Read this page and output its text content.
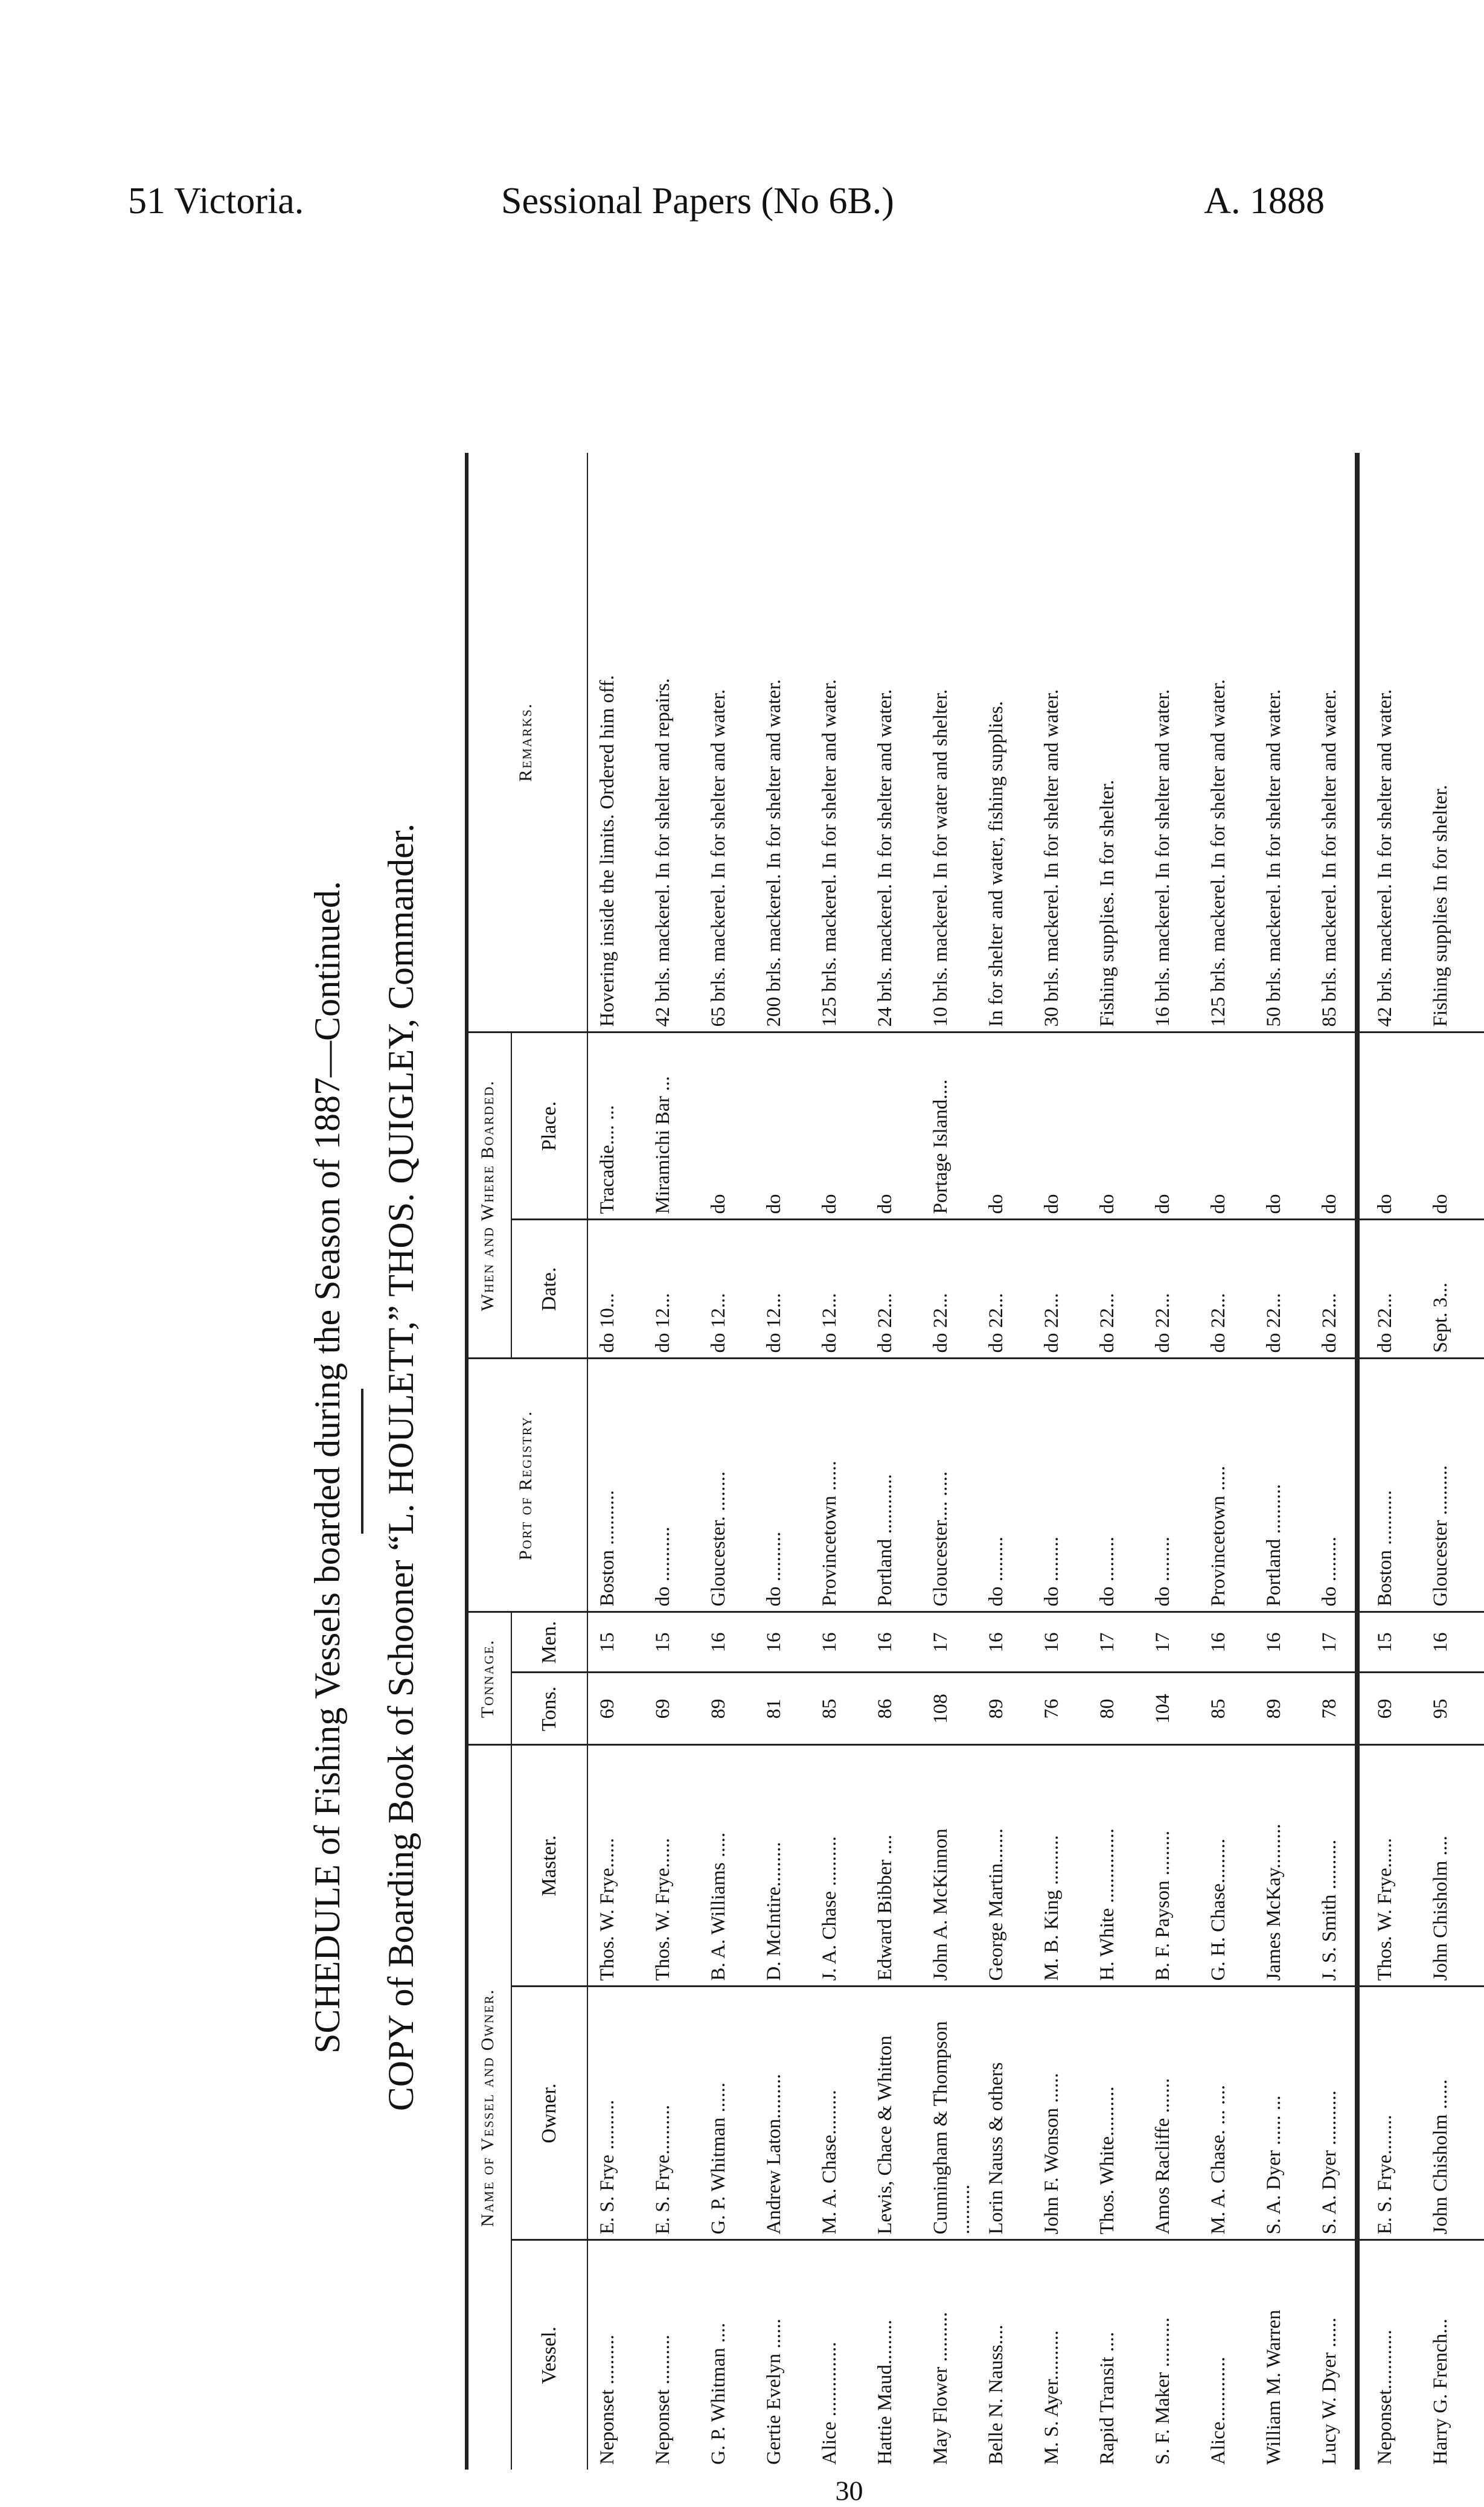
51 Victoria.	Sessional Papers (No 6B.)	A. 1888
SCHEDULE of Fishing Vessels boarded during the Season of 1887—Continued. COPY of Boarding Book of Schooner “L. HOULETT,” THOS. QUIGLEY, Commander.
30
Name of Vessel and Owner.			Tonnage.		Port of Registry.	When and Where Boarded.		Remarks.
Vessel.	Owner.	Master.	Tons.	Men.		Date.	Place.	
Neponset ..........	E. S. Frye ..........	Thos. W. Frye......	69	15	Boston ...........	do 10...	Tracadie.... ...	Hovering inside the limits. Ordered him off.
Neponset ..........	E. S. Frye..........	Thos. W. Frye......	69	15	do ...........	do 12...	Miramichi Bar ...	42 brls. mackerel. In for shelter and repairs.
G. P. Whitman ....	G. P. Whitman ......	B. A. Williams .....	89	16	Gloucester. ........	do 12...	do	65 brls. mackerel. In for shelter and water.
Gertie Evelyn ......	Andrew Laton.........	D. McIntire.........	81	16	do ..........	do 12...	do	200 brls. mackerel. In for shelter and water.
Alice ...............	M. A. Chase.........	J. A. Chase ..........	85	16	Provincetown ......	do 12...	do	125 brls. mackerel. In for shelter and water.
Hattie Maud.........	Lewis, Chace & Whitton	Edward Bibber ....	86	16	Portland ............	do 22...	do	24 brls. mackerel. In for shelter and water.
May Flower ..........	Cunningham & Thompson ..........	John A. McKinnon	108	17	Gloucester.... .....	do 22...	Portage Island....	10 brls. mackerel. In for water and shelter.
Belle N. Nauss....	Lorin Nauss & others	George Martin.......	89	16	do .........	do 22...	do	In for shelter and water, fishing supplies.
M. S. Ayer..........	John F. Wonson ......	M. B. King ..........	76	16	do .........	do 22...	do	30 brls. mackerel. In for shelter and water.
Rapid Transit ....	Thos. White..........	H. White ...............	80	17	do .........	do 22...	do	Fishing supplies. In for shelter.
S. F. Maker ..........	Amos Racliffe .......	B. F. Payson .........	104	17	do .........	do 22...	do	16 brls. mackerel. In for shelter and water.
Alice.............	M. A. Chase. ... ....	G. H. Chase.........	85	16	Provincetown .....	do 22...	do	125 brls. mackerel. In for shelter and water.
William M. Warren	S. A. Dyer ...... ...	James McKay.........	89	16	Portland ..........	do 22...	do	50 brls. mackerel. In for shelter and water.
Lucy W. Dyer ......	S. A. Dyer ...........	J. S. Smith ..........	78	17	do .........	do 22...	do	85 brls. mackerel. In for shelter and water.
Neponset............	E. S. Frye........	Thos. W. Frye......	69	15	Boston ...........	do 22...	do	42 brls. mackerel. In for shelter and water.
Harry G. French...	John Chisholm ......	John Chisholm ....	95	16	Gloucester ..........	Sept. 3...	do	Fishing supplies In for shelter.
